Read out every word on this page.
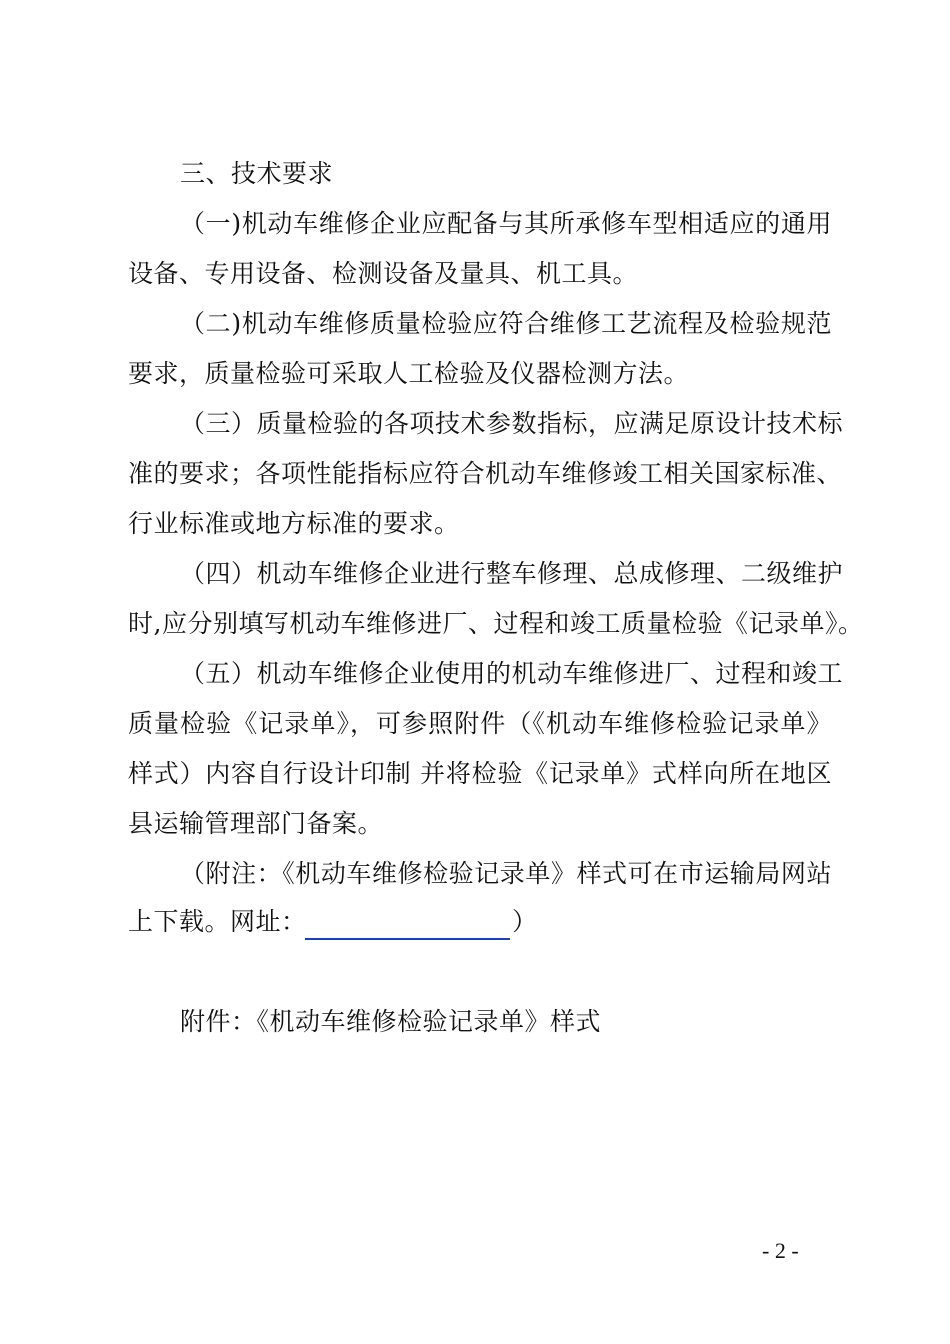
三、技术要求
（一)机动车维修企业应配备与其所承修车型相适应的通用
设备、专用设备、检测设备及量具、机工具。
（二)机动车维修质量检验应符合维修工艺流程及检验规范
要求，质量检验可采取人工检验及仪器检测方法。
（三）质量检验的各项技术参数指标，应满足原设计技术标
准的要求；各项性能指标应符合机动车维修竣工相关国家标准、
行业标准或地方标准的要求。
（四）机动车维修企业进行整车修理、总成修理、二级维护
时,应分别填写机动车维修进厂、过程和竣工质量检验《记录单》。
（五）机动车维修企业使用的机动车维修进厂、过程和竣工
质量检验《记录单》，可参照附件（《机动车维修检验记录单》
样式）内容自行设计印制 并将检验《记录单》式样向所在地区
县运输管理部门备案。
（附注：《机动车维修检验记录单》样式可在市运输局网站
上下载。网址：	）
附件：《机动车维修检验记录单》样式
- 2 -
